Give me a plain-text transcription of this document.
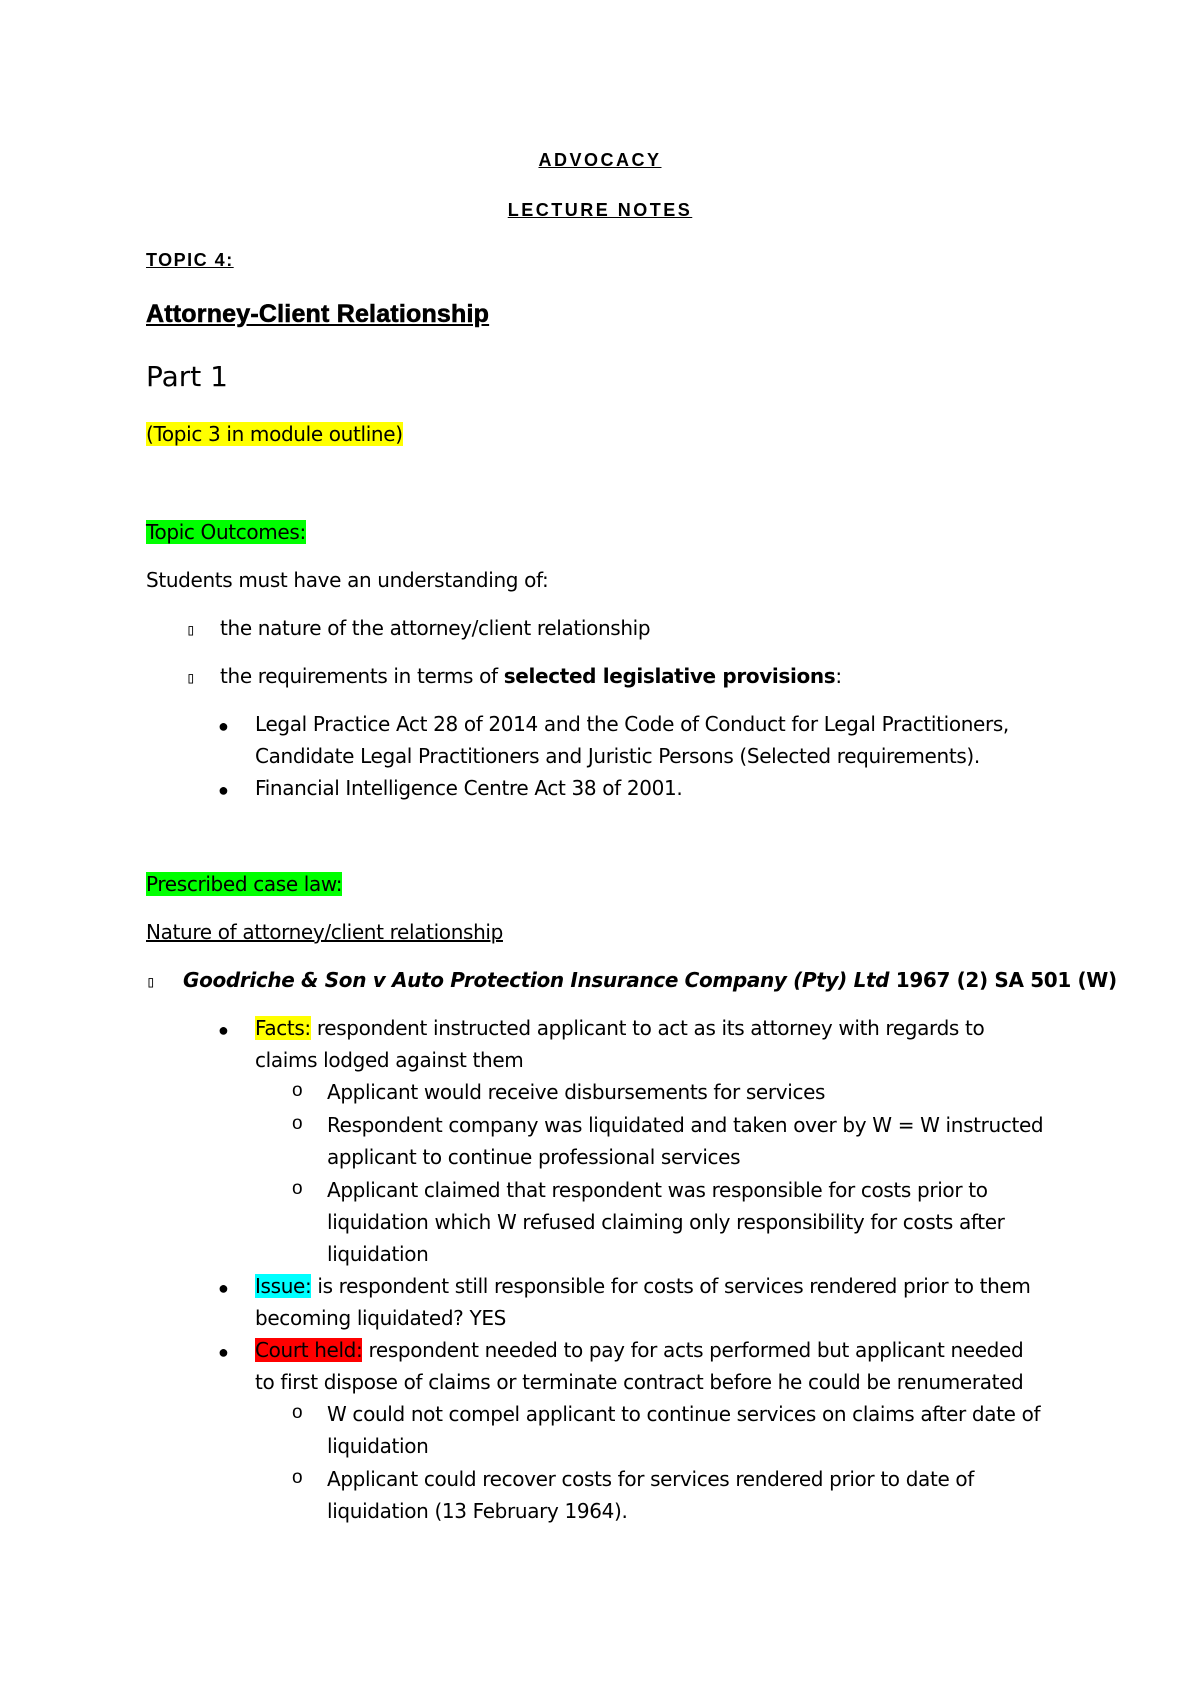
ADVOCACY
LECTURE NOTES
TOPIC 4:
Attorney-Client Relationship
Part 1
(Topic 3 in module outline)
Topic Outcomes:
Students must have an understanding of:
▯ the nature of the attorney/client relationship
▯ the requirements in terms of selected legislative provisions:
● Legal Practice Act 28 of 2014 and the Code of Conduct for Legal Practitioners,
Candidate Legal Practitioners and Juristic Persons (Selected requirements).
● Financial Intelligence Centre Act 38 of 2001.
Prescribed case law:
Nature of attorney/client relationship
▯ Goodriche & Son v Auto Protection Insurance Company (Pty) Ltd 1967 (2) SA 501 (W)
● Facts: respondent instructed applicant to act as its attorney with regards to
claims lodged against them
o Applicant would receive disbursements for services
o Respondent company was liquidated and taken over by W = W instructed
applicant to continue professional services
o Applicant claimed that respondent was responsible for costs prior to
liquidation which W refused claiming only responsibility for costs after
liquidation
● Issue: is respondent still responsible for costs of services rendered prior to them
becoming liquidated? YES
● Court held: respondent needed to pay for acts performed but applicant needed
to first dispose of claims or terminate contract before he could be renumerated
o W could not compel applicant to continue services on claims after date of
liquidation
o Applicant could recover costs for services rendered prior to date of
liquidation (13 February 1964).
